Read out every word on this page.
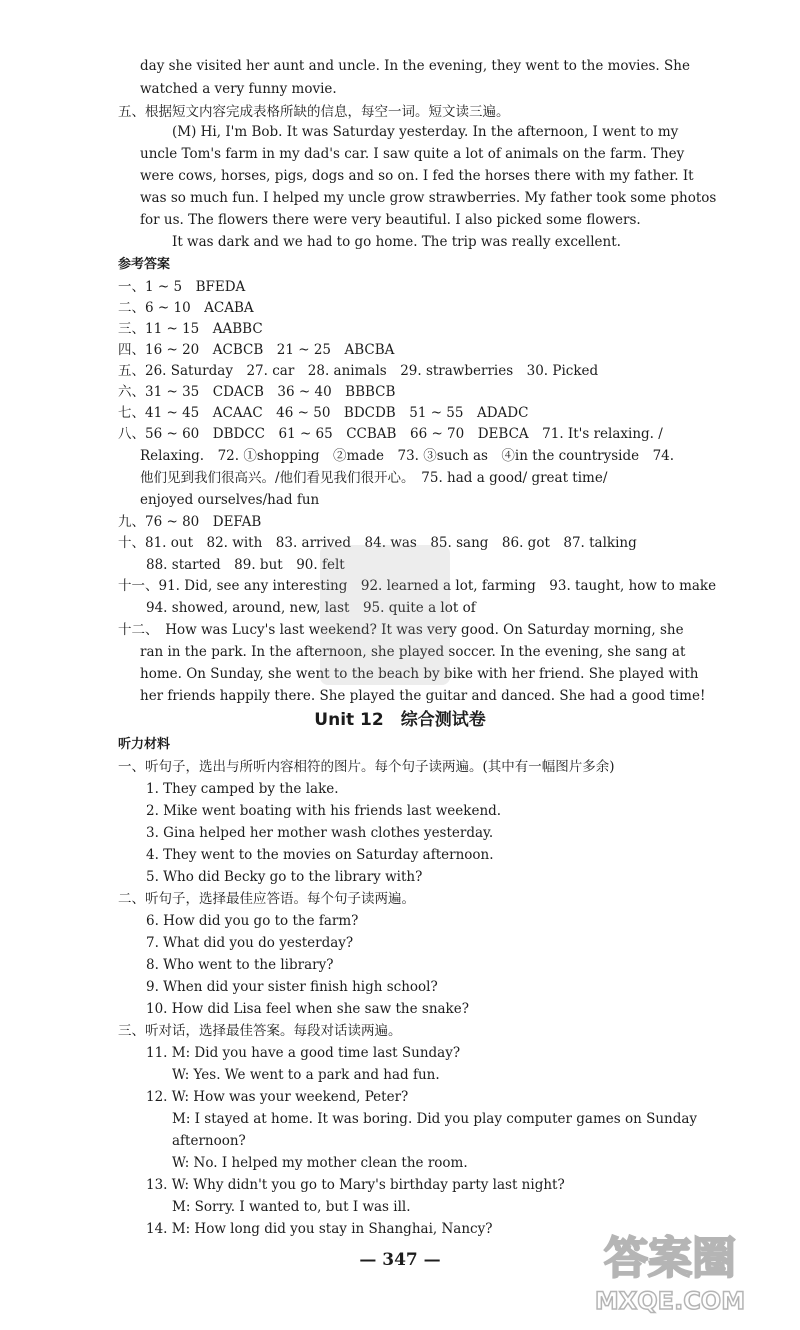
day she visited her aunt and uncle. In the evening, they went to the movies. She
watched a very funny movie.
五、根据短文内容完成表格所缺的信息，每空一词。短文读三遍。
(M) Hi, I'm Bob. It was Saturday yesterday. In the afternoon, I went to my
uncle Tom's farm in my dad's car. I saw quite a lot of animals on the farm. They
were cows, horses, pigs, dogs and so on. I fed the horses there with my father. It
was so much fun. I helped my uncle grow strawberries. My father took some photos
for us. The flowers there were very beautiful. I also picked some flowers.
It was dark and we had to go home. The trip was really excellent.
参考答案
一、1 ~ 5　BFEDA
二、6 ~ 10　ACABA
三、11 ~ 15　AABBC
四、16 ~ 20　ACBCB　21 ~ 25　ABCBA
五、26. Saturday　27. car　28. animals　29. strawberries　30. Picked
六、31 ~ 35　CDACB　36 ~ 40　BBBCB
七、41 ~ 45　ACAAC　46 ~ 50　BDCDB　51 ~ 55　ADADC
八、56 ~ 60　DBDCC　61 ~ 65　CCBAB　66 ~ 70　DEBCA　71. It's relaxing. /
Relaxing.　72. ①shopping　②made　73. ③such as　④in the countryside　74.
他们见到我们很高兴。/他们看见我们很开心。　75. had a good/ great time/
enjoyed ourselves/had fun
九、76 ~ 80　DEFAB
十、81. out　82. with　83. arrived　84. was　85. sang　86. got　87. talking
88. started　89. but　90. felt
十一、91. Did, see any interesting　92. learned a lot, farming　93. taught, how to make
94. showed, around, new, last　95. quite a lot of
十二、　How was Lucy's last weekend? It was very good. On Saturday morning, she
ran in the park. In the afternoon, she played soccer. In the evening, she sang at
home. On Sunday, she went to the beach by bike with her friend. She played with
her friends happily there. She played the guitar and danced. She had a good time!
Unit 12　综合测试卷
听力材料
一、听句子，选出与所听内容相符的图片。每个句子读两遍。(其中有一幅图片多余)
1. They camped by the lake.
2. Mike went boating with his friends last weekend.
3. Gina helped her mother wash clothes yesterday.
4. They went to the movies on Saturday afternoon.
5. Who did Becky go to the library with?
二、听句子，选择最佳应答语。每个句子读两遍。
6. How did you go to the farm?
7. What did you do yesterday?
8. Who went to the library?
9. When did your sister finish high school?
10. How did Lisa feel when she saw the snake?
三、听对话，选择最佳答案。每段对话读两遍。
11. M: Did you have a good time last Sunday?
W: Yes. We went to a park and had fun.
12. W: How was your weekend, Peter?
M: I stayed at home. It was boring. Did you play computer games on Sunday
afternoon?
W: No. I helped my mother clean the room.
13. W: Why didn't you go to Mary's birthday party last night?
M: Sorry. I wanted to, but I was ill.
14. M: How long did you stay in Shanghai, Nancy?
— 347 —	答案圈
MXQE.COM
